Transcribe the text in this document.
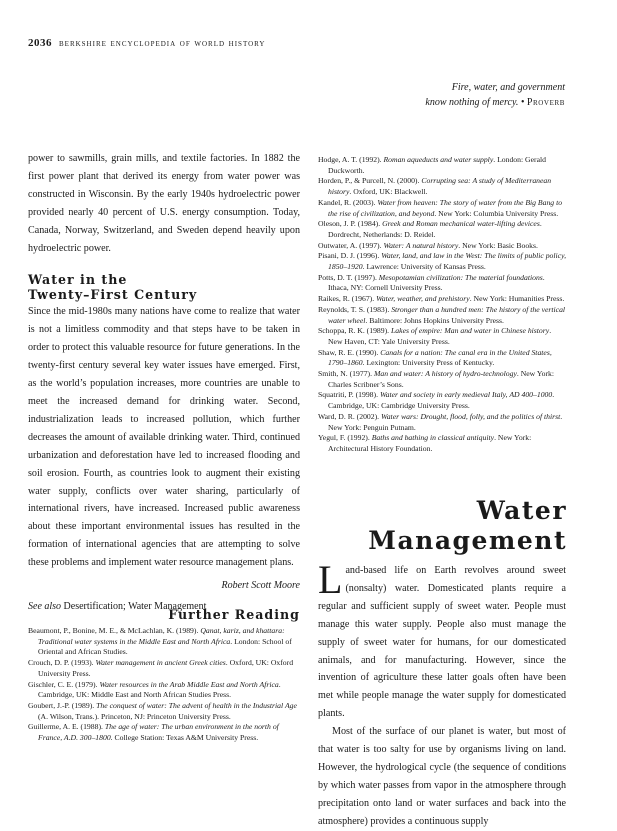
2036 berkshire encyclopedia of world history
Fire, water, and government
know nothing of mercy. • Proverb

power to sawmills, grain mills, and textile factories. In 1882 the first power plant that derived its energy from water power was constructed in Wisconsin. By the early 1940s hydroelectric power provided nearly 40 percent of U.S. energy consumption. Today, Canada, Norway, Switzerland, and Sweden depend heavily upon hydroelectric power.

Water in the
Twenty–First Century

Since the mid-1980s many nations have come to realize that water is not a limitless commodity and that steps have to be taken in order to protect this valuable resource for future generations. In the twenty-first century several key water issues have emerged. First, as the world’s population increases, more countries are unable to meet the increased demand for drinking water. Second, industrialization leads to increased pollution, which further decreases the amount of available drinking water. Third, continued urbanization and deforestation have led to increased flooding and soil erosion. Fourth, as countries look to augment their existing water supply, conflicts over water sharing, particularly of international rivers, have increased. Increased public awareness about these important environmental issues has resulted in the formation of international agencies that are attempting to solve these problems and implement water resource management plans.

Robert Scott Moore
See also Desertification; Water Management
Further Reading
Beaumont, P., Bonine, M. E., & McLachlan, K. (1989). Qanat, kariz, and khattara: Traditional water systems in the Middle East and North Africa. London: School of Oriental and African Studies.
Crouch, D. P. (1993). Water management in ancient Greek cities. Oxford, UK: Oxford University Press.
Gischler, C. E. (1979). Water resources in the Arab Middle East and North Africa. Cambridge, UK: Middle East and North African Studies Press.
Goubert, J.-P. (1989). The conquest of water: The advent of health in the Industrial Age (A. Wilson, Trans.). Princeton, NJ: Princeton University Press.
Guillerme, A. E. (1988). The age of water: The urban environment in the north of France, A.D. 300–1800. College Station: Texas A&M University Press.
Hodge, A. T. (1992). Roman aqueducts and water supply. London: Gerald Duckworth.
Horden, P., & Purcell, N. (2000). Corrupting sea: A study of Mediterranean history. Oxford, UK: Blackwell.
Kandel, R. (2003). Water from heaven: The story of water from the Big Bang to the rise of civilization, and beyond. New York: Columbia University Press.
Oleson, J. P. (1984). Greek and Roman mechanical water-lifting devices. Dordrecht, Netherlands: D. Reidel.
Outwater, A. (1997). Water: A natural history. New York: Basic Books.
Pisani, D. J. (1996). Water, land, and law in the West: The limits of public policy, 1850–1920. Lawrence: University of Kansas Press.
Potts, D. T. (1997). Mesopotamian civilization: The material foundations. Ithaca, NY: Cornell University Press.
Raikes, R. (1967). Water, weather, and prehistory. New York: Humanities Press.
Reynolds, T. S. (1983). Stronger than a hundred men: The history of the vertical water wheel. Baltimore: Johns Hopkins University Press.
Schoppa, R. K. (1989). Lakes of empire: Man and water in Chinese history. New Haven, CT: Yale University Press.
Shaw, R. E. (1990). Canals for a nation: The canal era in the United States, 1790–1860. Lexington: University Press of Kentucky.
Smith, N. (1977). Man and water: A history of hydro-technology. New York: Charles Scribner’s Sons.
Squatriti, P. (1998). Water and society in early medieval Italy, AD 400–1000. Cambridge, UK: Cambridge University Press.
Ward, D. R. (2002). Water wars: Drought, flood, folly, and the politics of thirst. New York: Penguin Putnam.
Yegul, F. (1992). Baths and bathing in classical antiquity. New York: Architectural History Foundation.
Water
Management

Land-based life on Earth revolves around sweet (nonsalty) water. Domesticated plants require a regular and sufficient supply of sweet water. People must manage this water supply. People also must manage the supply of sweet water for humans, for our domesticated animals, and for manufacturing. However, since the invention of agriculture these latter goals often have been met while people manage the water supply for domesticated plants.

Most of the surface of our planet is water, but most of that water is too salty for use by organisms living on land. However, the hydrological cycle (the sequence of conditions by which water passes from vapor in the atmosphere through precipitation onto land or water surfaces and back into the atmosphere) provides a continuous supply
